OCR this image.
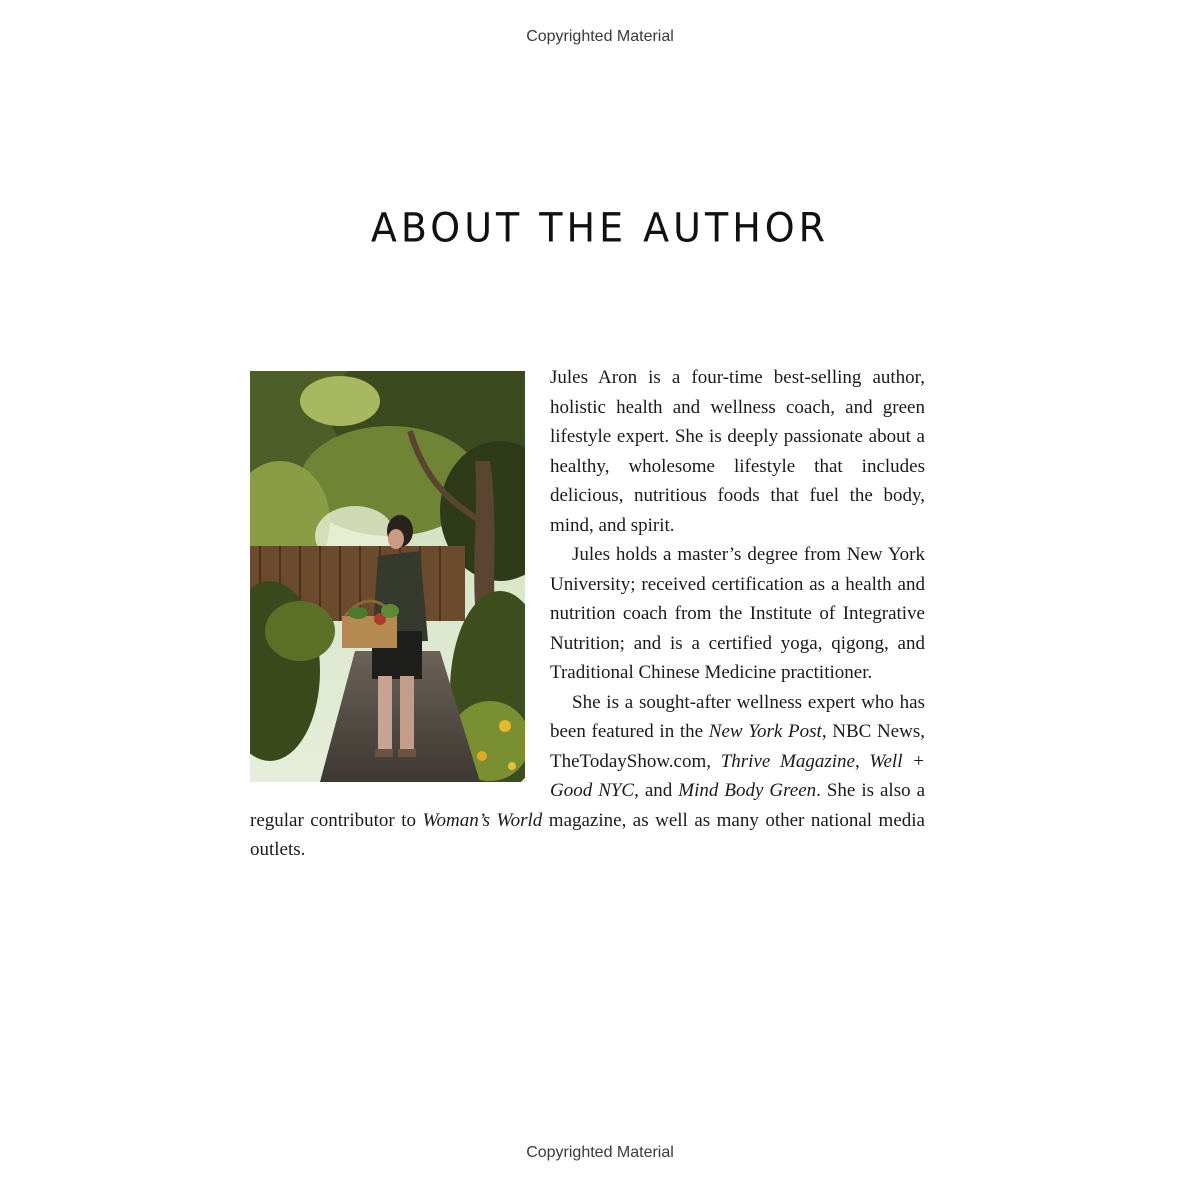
Copyrighted Material
ABOUT THE AUTHOR

Jules Aron is a four-time best-selling author, holistic health and wellness coach, and green lifestyle expert. She is deeply passionate about a healthy, wholesome lifestyle that includes delicious, nutritious foods that fuel the body, mind, and spirit.

Jules holds a master’s degree from New York University; received certification as a health and nutrition coach from the Institute of Integrative Nutrition; and is a certified yoga, qigong, and Traditional Chinese Medicine practitioner.

She is a sought-after wellness expert who has been featured in the New York Post, NBC News, TheTodayShow.com, Thrive Magazine, Well + Good NYC, and Mind Body Green. She is also a regular contributor to Woman’s World magazine, as well as many other national media outlets.

Copyrighted Material
